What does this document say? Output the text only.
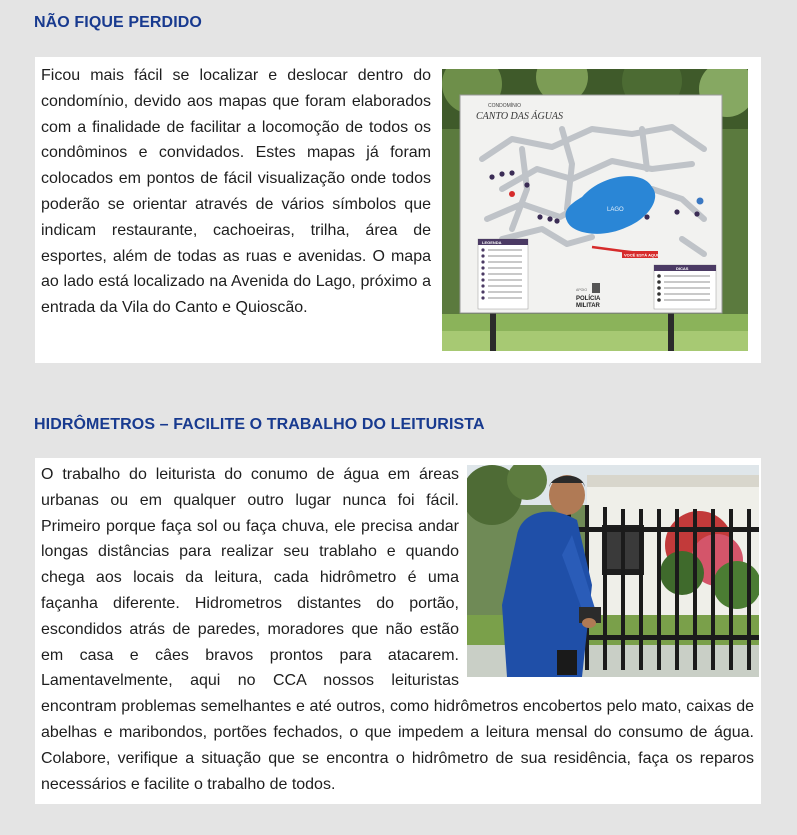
NÃO FIQUE PERDIDO

Ficou mais fácil se localizar e deslocar dentro do condomínio, devido aos mapas que foram elaborados com a finalidade de facilitar a locomoção de todos os condôminos e convidados. Estes mapas já foram colocados em pontos de fácil visualização onde todos poderão se orientar através de vários símbolos que indicam restaurante, cachoeiras, trilha, área de esportes, além de todas as ruas e avenidas. O mapa ao lado está localizado na Avenida do Lago, próximo a entrada da Vila do Canto e Quioscão.

LAGO
VOCÊ ESTÁ AQUI
CONDOMÍNIO
CANTO DAS ÁGUAS
LEGENDA
DICAS
APOIO
POLÍCIA
MILITAR
HIDRÔMETROS – FACILITE O TRABALHO DO LEITURISTA
O trabalho do leiturista do conumo de água em áreas urbanas ou em qualquer outro lugar nunca foi fácil. Primeiro porque faça sol ou faça chuva, ele precisa andar longas distâncias para realizar seu trablaho e quando chega aos locais da leitura, cada hidrômetro é uma façanha diferente. Hidrometros distantes do portão, escondidos atrás de paredes, moradores que não estão em casa e câes bravos prontos para atacarem. Lamentavelmente, aqui no CCA nossos leituristas encontram problemas semelhantes e até outros, como hidrômetros encobertos pelo mato, caixas de abelhas e maribondos, portões fechados, o que impedem a leitura mensal do consumo de água. Colabore, verifique a situação que se encontra o hidrômetro de sua residência, faça os reparos necessários e facilite o trabalho de todos.
